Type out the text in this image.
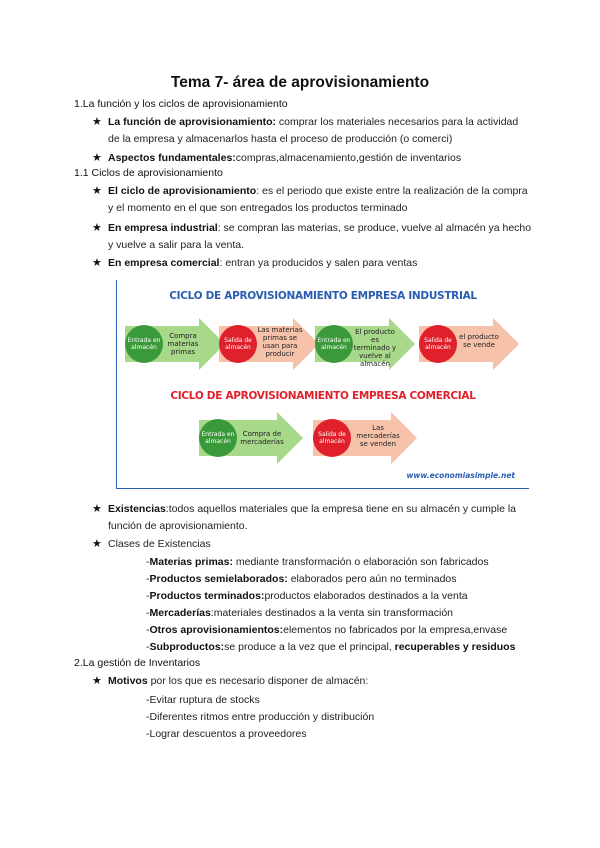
Tema 7- área de aprovisionamiento
1.La función y los ciclos de aprovisionamiento
★ La función de aprovisionamiento: comprar los materiales necesarios para la actividad de la empresa y almacenarlos hasta el proceso de producción (o comerci)
★ Aspectos fundamentales:compras,almacenamiento,gestión de inventarios
1.1 Ciclos de aprovisionamiento
★ El ciclo de aprovisionamiento: es el periodo que existe entre la realización de la compra y el momento en el que son entregados los productos terminado
★ En empresa industrial: se compran las materias, se produce, vuelve al almacén ya hecho y vuelve a salir para la venta.
★ En empresa comercial: entran ya producidos y salen para ventas
CICLO DE APROVISIONAMIENTO EMPRESA INDUSTRIAL
Entrada en almacén
Compra materias primas
Salida de almacén
Las materias primas se usan para producir
Entrada en almacén
El producto es terminado y vuelve al almacén
Salida de almacén
el producto se vende
CICLO DE APROVISIONAMIENTO EMPRESA COMERCIAL
Entrada en almacén
Compra de mercaderías
Salida de almacén
Las mercaderías se venden
www.economiasimple.net
★ Existencias:todos aquellos materiales que la empresa tiene en su almacén y cumple la función de aprovisionamiento.
★ Clases de Existencias
-Materias primas: mediante transformación o elaboración son fabricados
-Productos semielaborados: elaborados pero aún no terminados
-Productos terminados:productos elaborados destinados a la venta
-Mercaderías:materiales destinados a la venta sin transformación
-Otros aprovisionamientos:elementos no fabricados por la empresa,envase
-Subproductos:se produce a la vez que el principal, recuperables y residuos
2.La gestión de Inventarios
★ Motivos por los que es necesario disponer de almacén:
-Evitar ruptura de stocks
-Diferentes ritmos entre producción y distribución
-Lograr descuentos a proveedores
